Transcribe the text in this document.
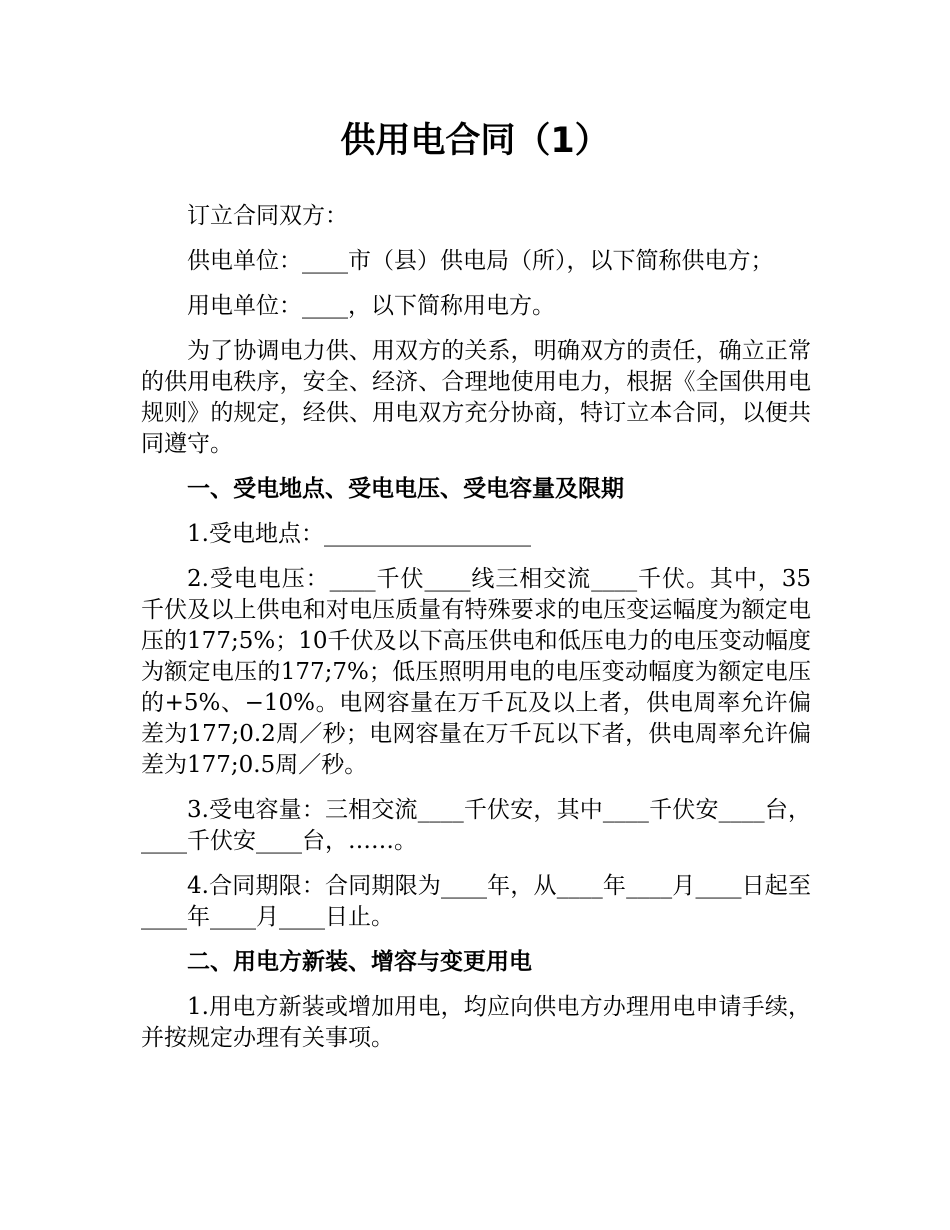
供用电合同（1）

订立合同双方：

供电单位：____市（县）供电局（所），以下简称供电方；

用电单位：____，以下简称用电方。

为了协调电力供、用双方的关系，明确双方的责任，确立正常的供用电秩序，安全、经济、合理地使用电力，根据《全国供用电规则》的规定，经供、用电双方充分协商，特订立本合同，以便共同遵守。

一、受电地点、受电电压、受电容量及限期

1.受电地点：__________________

2.受电电压：____千伏____线三相交流____千伏。其中，35千伏及以上供电和对电压质量有特殊要求的电压变运幅度为额定电压的177;5%；10千伏及以下高压供电和低压电力的电压变动幅度为额定电压的177;7%；低压照明用电的电压变动幅度为额定电压的+5%、−10%。电网容量在万千瓦及以上者，供电周率允许偏差为177;0.2周／秒；电网容量在万千瓦以下者，供电周率允许偏差为177;0.5周／秒。

3.受电容量：三相交流____千伏安，其中____千伏安____台，____千伏安____台，……。

4.合同期限：合同期限为____年，从____年____月____日起至____年____月____日止。

二、用电方新装、增容与变更用电

1.用电方新装或增加用电，均应向供电方办理用电申请手续，并按规定办理有关事项。
